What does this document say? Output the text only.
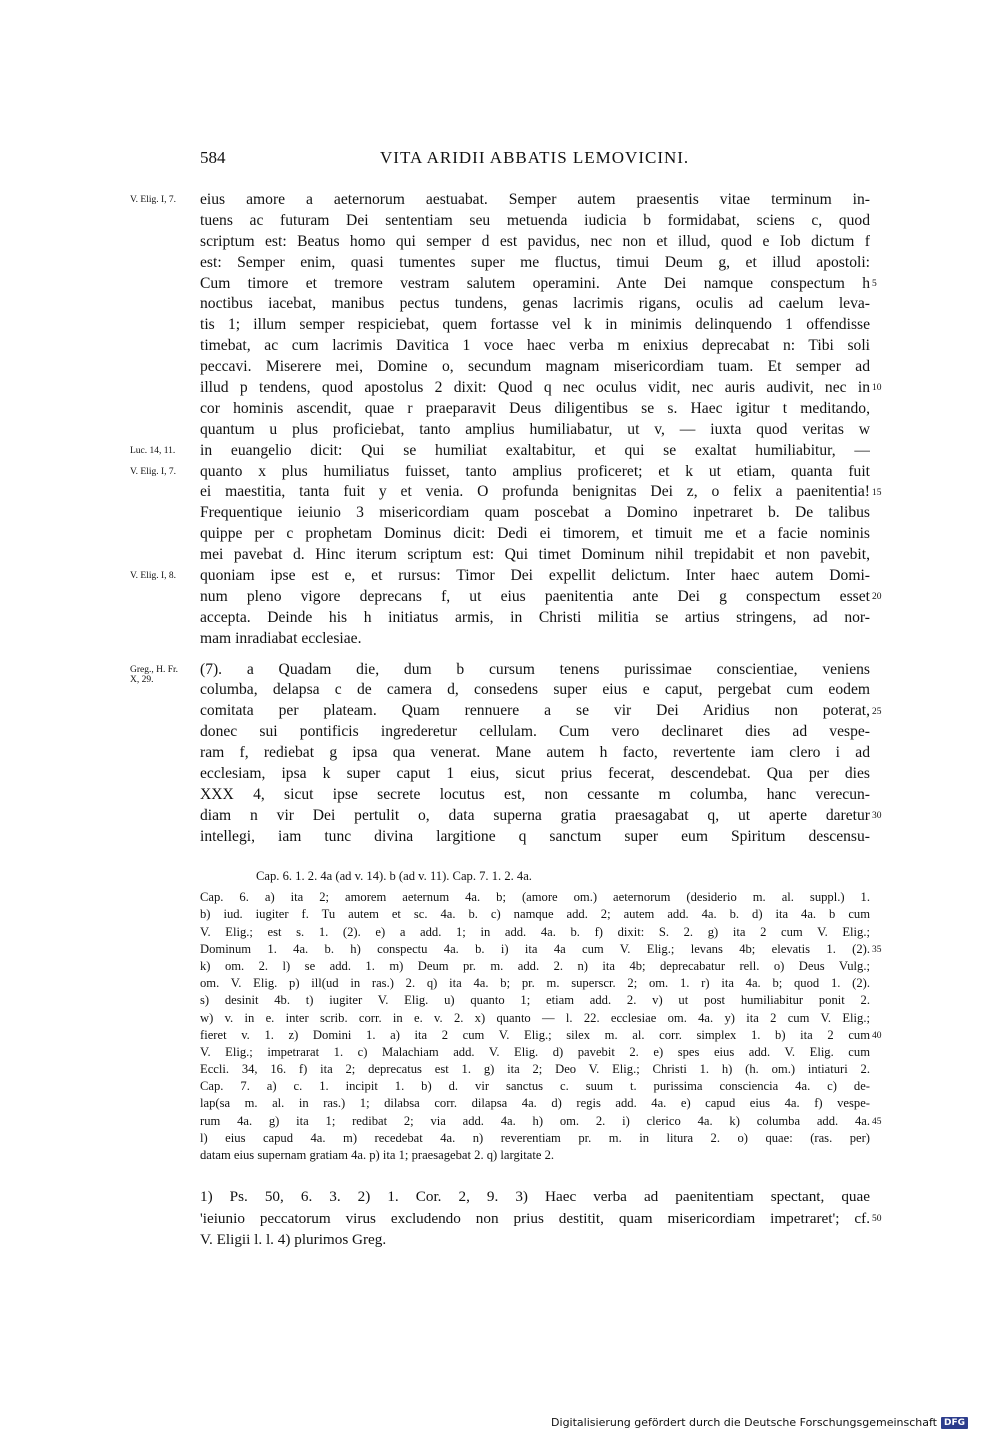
584	VITA ARIDII ABBATIS LEMOVICINI.
eius amore a aeternorum aestuabat. Semper autem praesentis vitae terminum in-
tuens ac futuram Dei sententiam seu metuenda iudicia b formidabat, sciens c, quod
scriptum est: Beatus homo qui semper d est pavidus, nec non et illud, quod e Iob dictum f
est: Semper enim, quasi tumentes super me fluctus, timui Deum g, et illud apostoli:
Cum timore et tremore vestram salutem operamini. Ante Dei namque conspectum h
noctibus iacebat, manibus pectus tundens, genas lacrimis rigans, oculis ad caelum leva-
tis 1; illum semper respiciebat, quem fortasse vel k in minimis delinquendo 1 offendisse
timebat, ac cum lacrimis Davitica 1 voce haec verba m enixius deprecabat n: Tibi soli
peccavi. Miserere mei, Domine o, secundum magnam misericordiam tuam. Et semper ad
illud p tendens, quod apostolus 2 dixit: Quod q nec oculus vidit, nec auris audivit, nec in
cor hominis ascendit, quae r praeparavit Deus diligentibus se s. Haec igitur t meditando,
quantum u plus proficiebat, tanto amplius humiliabatur, ut v, — iuxta quod veritas w
in euangelio dicit: Qui se humiliat exaltabitur, et qui se exaltat humiliabitur, —
quanto x plus humiliatus fuisset, tanto amplius proficeret; et k ut etiam, quanta fuit
ei maestitia, tanta fuit y et venia. O profunda benignitas Dei z, o felix a paenitentia!
Frequentique ieiunio 3 misericordiam quam poscebat a Domino inpetraret b. De talibus
quippe per c prophetam Dominus dicit: Dedi ei timorem, et timuit me et a facie nominis
mei pavebat d. Hinc iterum scriptum est: Qui timet Dominum nihil trepidabit et non pavebit,
quoniam ipse est e, et rursus: Timor Dei expellit delictum. Inter haec autem Domi-
num pleno vigore deprecans f, ut eius paenitentia ante Dei g conspectum esset
accepta. Deinde his h initiatus armis, in Christi militia se artius stringens, ad nor-
mam inradiabat ecclesiae.
(7). a Quadam die, dum b cursum tenens purissimae conscientiae, veniens
columba, delapsa c de camera d, consedens super eius e caput, pergebat cum eodem
comitata per plateam. Quam rennuere a se vir Dei Aridius non poterat,
donec sui pontificis ingrederetur cellulam. Cum vero declinaret dies ad vespe-
ram f, rediebat g ipsa qua venerat. Mane autem h facto, revertente iam clero i ad
ecclesiam, ipsa k super caput 1 eius, sicut prius fecerat, descendebat. Qua per dies
XXX 4, sicut ipse secrete locutus est, non cessante m columba, hanc verecun-
diam n vir Dei pertulit o, data superna gratia praesagabat q, ut aperte daretur
intellegi, iam tunc divina largitione q sanctum super eum Spiritum descensu-
V. Elig. I, 7.
Luc. 14, 11.
V. Elig. I, 7.
V. Elig. I, 8.
Greg., H. Fr.
X, 29.
5
10
15
20
25
30
35
40
45
50
Cap. 6. 1. 2. 4a (ad v. 14). b (ad v. 11). Cap. 7. 1. 2. 4a.
Cap. 6. a) ita 2; amorem aeternum 4a. b; (amore om.) aeternorum (desiderio m. al. suppl.) 1.
b) iud. iugiter f. Tu autem et sc. 4a. b. c) namque add. 2; autem add. 4a. b. d) ita 4a. b cum
V. Elig.; est s. 1. (2). e) a add. 1; in add. 4a. b. f) dixit: S. 2. g) ita 2 cum V. Elig.;
Dominum 1. 4a. b. h) conspectu 4a. b. i) ita 4a cum V. Elig.; levans 4b; elevatis 1. (2).
k) om. 2. l) se add. 1. m) Deum pr. m. add. 2. n) ita 4b; deprecabatur rell. o) Deus Vulg.;
om. V. Elig. p) ill(ud in ras.) 2. q) ita 4a. b; pr. m. superscr. 2; om. 1. r) ita 4a. b; quod 1. (2).
s) desinit 4b. t) iugiter V. Elig. u) quanto 1; etiam add. 2. v) ut post humiliabitur ponit 2.
w) v. in e. inter scrib. corr. in e. v. 2. x) quanto — l. 22. ecclesiae om. 4a. y) ita 2 cum V. Elig.;
fieret v. 1. z) Domini 1. a) ita 2 cum V. Elig.; silex m. al. corr. simplex 1. b) ita 2 cum
V. Elig.; impetrarat 1. c) Malachiam add. V. Elig. d) pavebit 2. e) spes eius add. V. Elig. cum
Eccli. 34, 16. f) ita 2; deprecatus est 1. g) ita 2; Deo V. Elig.; Christi 1. h) (h. om.) intiaturi 2.
Cap. 7. a) c. 1. incipit 1. b) d. vir sanctus c. suum t. purissima consciencia 4a. c) de-
lap(sa m. al. in ras.) 1; dilabsa corr. dilapsa 4a. d) regis add. 4a. e) capud eius 4a. f) vespe-
rum 4a. g) ita 1; redibat 2; via add. 4a. h) om. 2. i) clerico 4a. k) columba add. 4a.
l) eius capud 4a. m) recedebat 4a. n) reverentiam pr. m. in litura 2. o) quae: (ras. per)
datam eius supernam gratiam 4a. p) ita 1; praesagebat 2. q) largitate 2.
1) Ps. 50, 6. 3. 2) 1. Cor. 2, 9. 3) Haec verba ad paenitentiam spectant, quae
'ieiunio peccatorum virus excludendo non prius destitit, quam misericordiam impetraret'; cf.
V. Eligii l. l. 4) plurimos Greg.
Digitalisierung gefördert durch die Deutsche Forschungsgemeinschaft DFG
